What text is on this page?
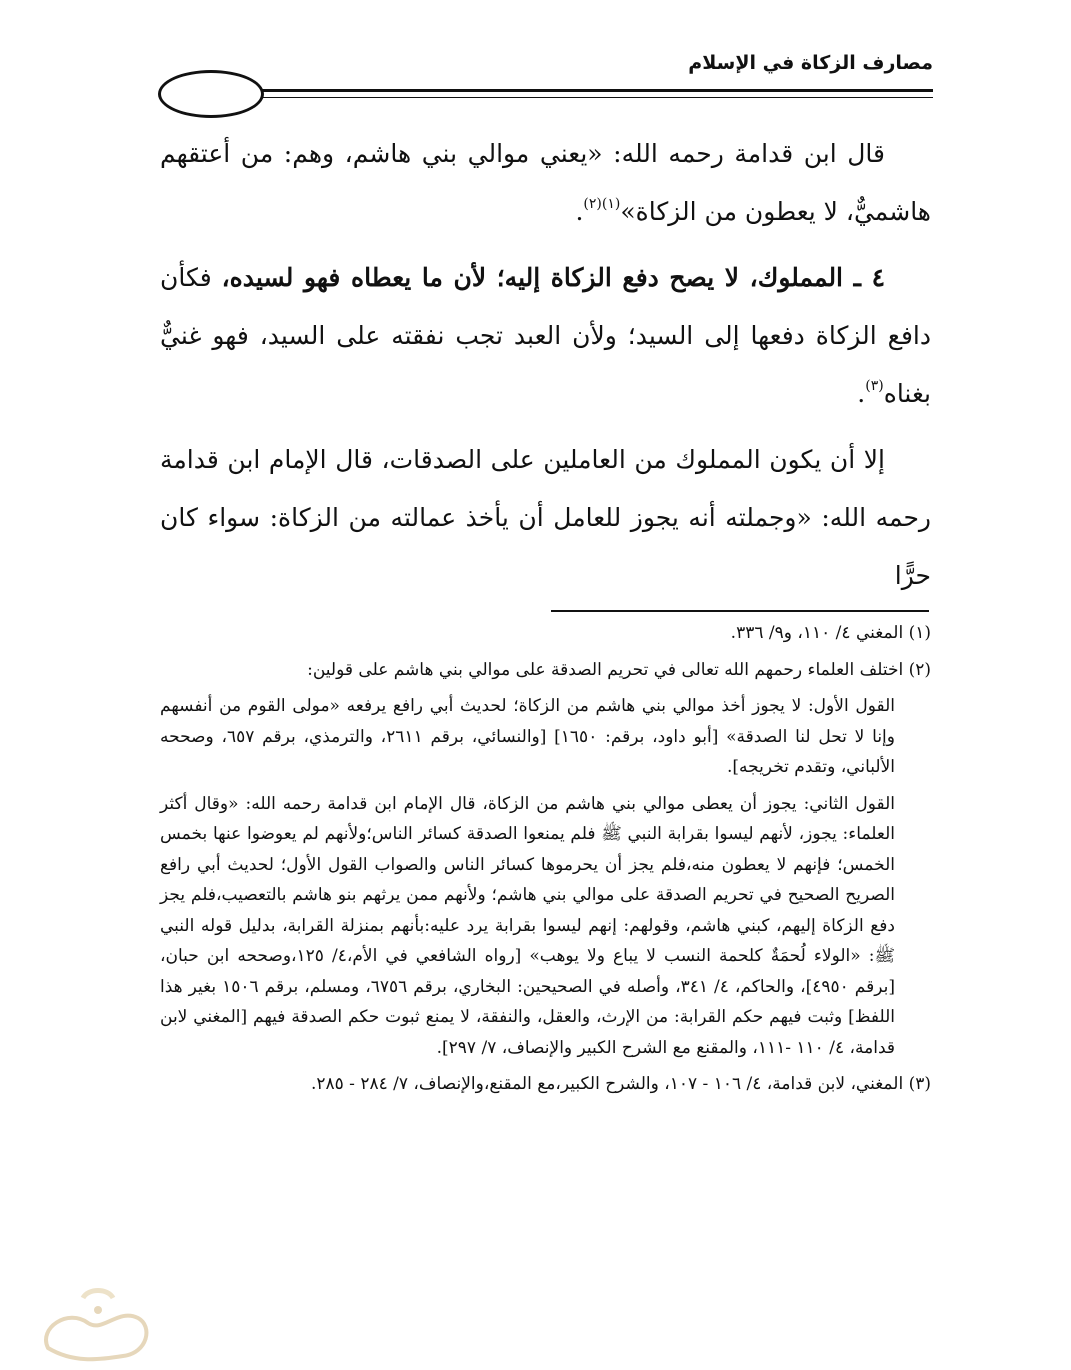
مصارف الزكاة في الإسلام

قال ابن قدامة رحمه الله: «يعني موالي بني هاشم، وهم: من أعتقهم هاشميٌّ، لا يعطون من الزكاة»$^{(١)(٢)}$.

٤ ـ المملوك، لا يصح دفع الزكاة إليه؛ لأن ما يعطاه فهو لسيده، فكأن دافع الزكاة دفعها إلى السيد؛ ولأن العبد تجب نفقته على السيد، فهو غنيٌّ بغناه$^{(٣)}$.

إلا أن يكون المملوك من العاملين على الصدقات، قال الإمام ابن قدامة رحمه الله: «وجملته أنه يجوز للعامل أن يأخذ عمالته من الزكاة: سواء كان حرًّا

(١) المغني ٤/ ١١٠، و٩/ ٣٣٦.

(٢) اختلف العلماء رحمهم الله تعالى في تحريم الصدقة على موالي بني هاشم على قولين:

القول الأول: لا يجوز أخذ موالي بني هاشم من الزكاة؛ لحديث أبي رافع يرفعه «مولى القوم من أنفسهم وإنا لا تحل لنا الصدقة» [أبو داود، برقم: ١٦٥٠] [والنسائي، برقم ٢٦١١، والترمذي، برقم ٦٥٧، وصححه الألباني، وتقدم تخريجه].

القول الثاني: يجوز أن يعطى موالي بني هاشم من الزكاة، قال الإمام ابن قدامة رحمه الله: «وقال أكثر العلماء: يجوز، لأنهم ليسوا بقرابة النبي ﷺ فلم يمنعوا الصدقة كسائر الناس؛ولأنهم لم يعوضوا عنها بخمس الخمس؛ فإنهم لا يعطون منه،فلم يجز أن يحرموها كسائر الناس والصواب القول الأول؛ لحديث أبي رافع الصريح الصحيح في تحريم الصدقة على موالي بني هاشم؛ ولأنهم ممن يرثهم بنو هاشم بالتعصيب،فلم يجز دفع الزكاة إليهم، كبني هاشم، وقولهم: إنهم ليسوا بقرابة يرد عليه:بأنهم بمنزلة القرابة، بدليل قوله النبي ﷺ: «الولاء لُحمَةٌ كلحمة النسب لا يباع ولا يوهب» [رواه الشافعي في الأم،٤/ ١٢٥،وصححه ابن حبان،[برقم ٤٩٥٠]، والحاكم، ٤/ ٣٤١، وأصله في الصحيحين: البخاري، برقم ٦٧٥٦، ومسلم، برقم ١٥٠٦ بغير هذا اللفظ] وثبت فيهم حكم القرابة: من الإرث، والعقل، والنفقة، لا يمنع ثبوت حكم الصدقة فيهم [المغني لابن قدامة، ٤/ ١١٠ -١١١، والمقنع مع الشرح الكبير والإنصاف، ٧/ ٢٩٧].

(٣) المغني، لابن قدامة، ٤/ ١٠٦ - ١٠٧، والشرح الكبير،مع المقنع،والإنصاف، ٧/ ٢٨٤ - ٢٨٥.
